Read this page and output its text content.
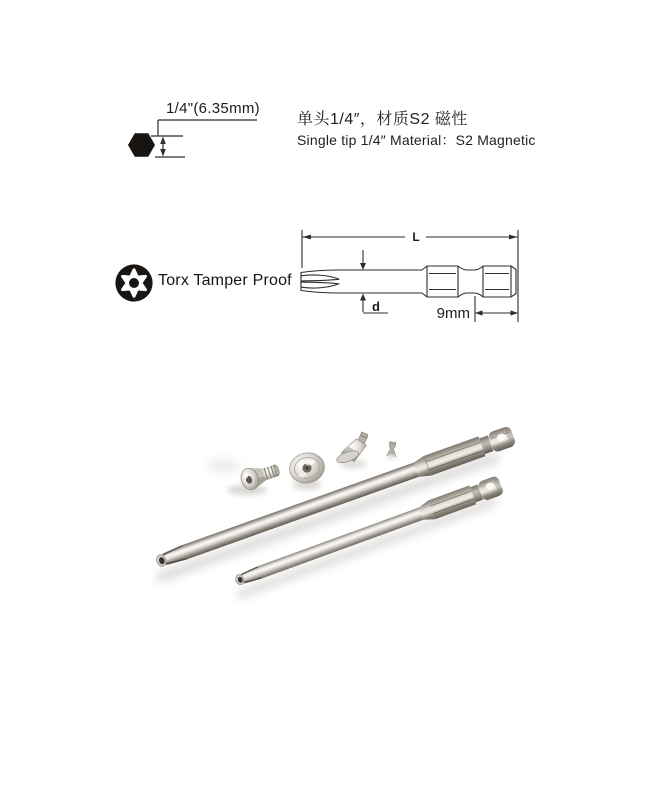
1/4"(6.35mm)
单头1/4″，材质S2 磁性
Single tip 1/4″ Material：S2 Magnetic
Torx Tamper Proof
L
d	9mm
